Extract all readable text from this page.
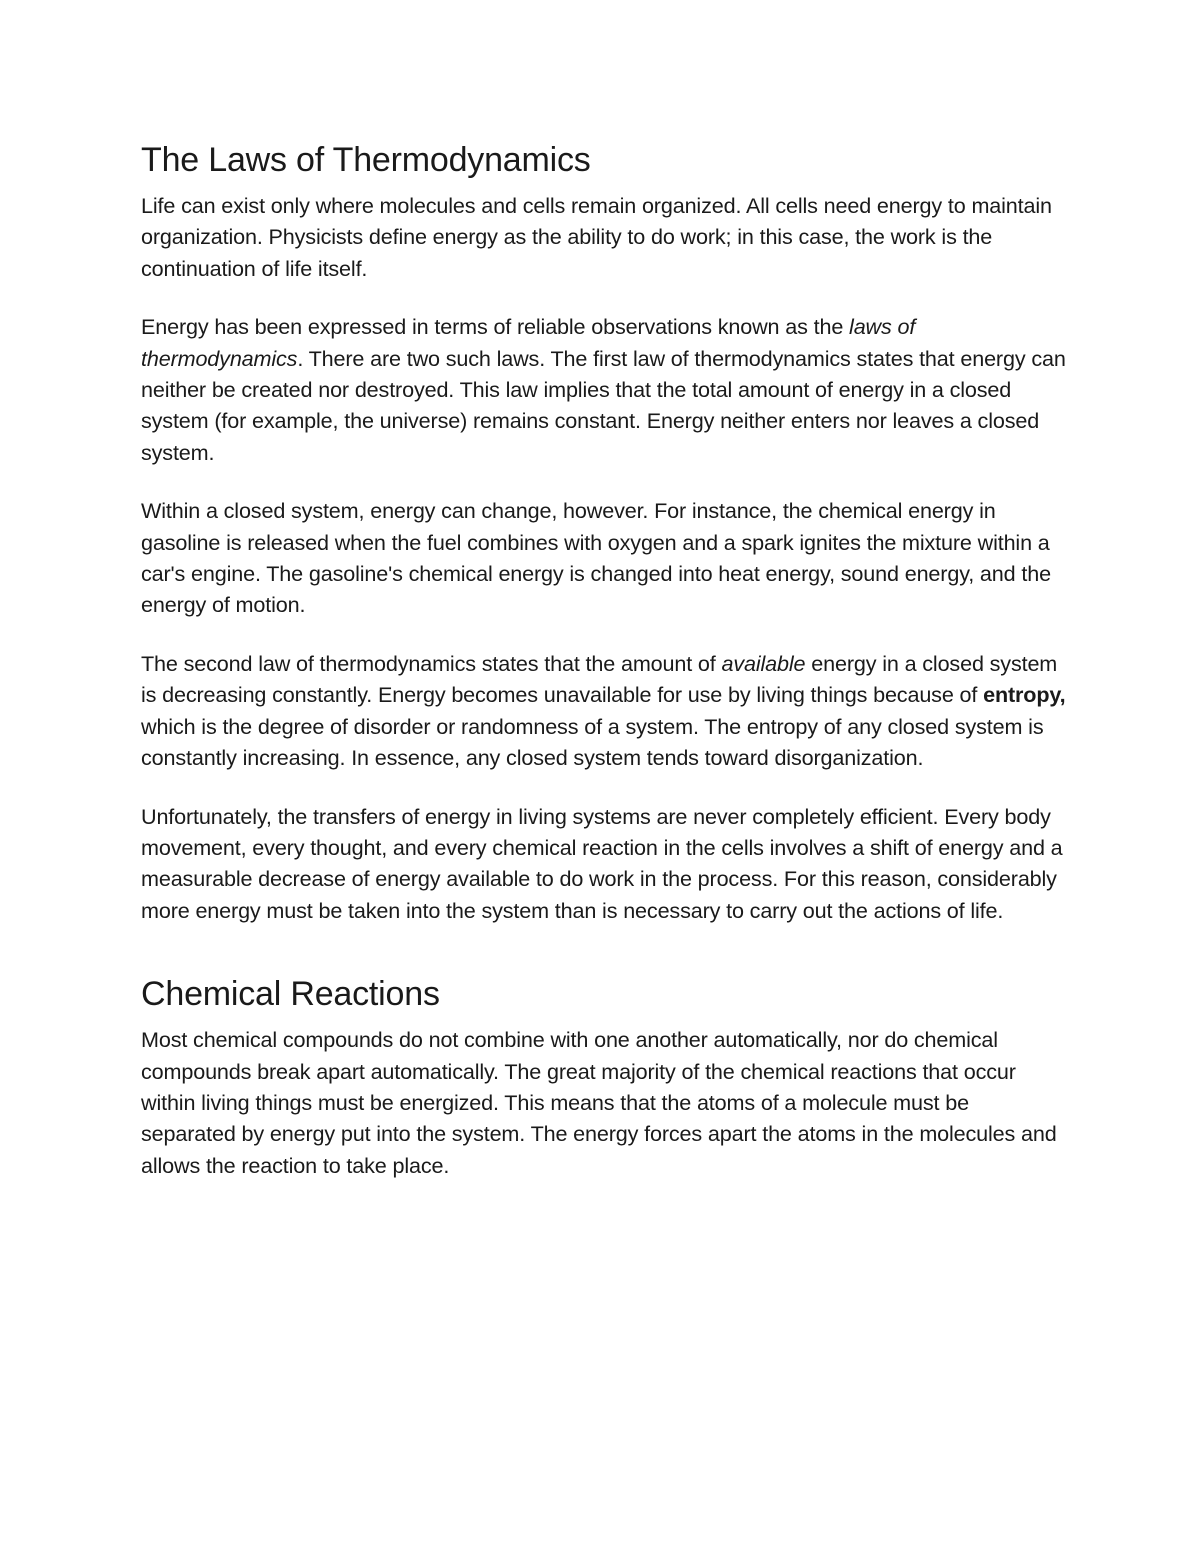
The Laws of Thermodynamics

Life can exist only where molecules and cells remain organized. All cells need energy to maintain organization. Physicists define energy as the ability to do work; in this case, the work is the continuation of life itself.

Energy has been expressed in terms of reliable observations known as the laws of thermodynamics. There are two such laws. The first law of thermodynamics states that energy can neither be created nor destroyed. This law implies that the total amount of energy in a closed system (for example, the universe) remains constant. Energy neither enters nor leaves a closed system.

Within a closed system, energy can change, however. For instance, the chemical energy in gasoline is released when the fuel combines with oxygen and a spark ignites the mixture within a car's engine. The gasoline's chemical energy is changed into heat energy, sound energy, and the energy of motion.

The second law of thermodynamics states that the amount of available energy in a closed system is decreasing constantly. Energy becomes unavailable for use by living things because of entropy, which is the degree of disorder or randomness of a system. The entropy of any closed system is constantly increasing. In essence, any closed system tends toward disorganization.

Unfortunately, the transfers of energy in living systems are never completely efficient. Every body movement, every thought, and every chemical reaction in the cells involves a shift of energy and a measurable decrease of energy available to do work in the process. For this reason, considerably more energy must be taken into the system than is necessary to carry out the actions of life.

Chemical Reactions

Most chemical compounds do not combine with one another automatically, nor do chemical compounds break apart automatically. The great majority of the chemical reactions that occur within living things must be energized. This means that the atoms of a molecule must be separated by energy put into the system. The energy forces apart the atoms in the molecules and allows the reaction to take place.
